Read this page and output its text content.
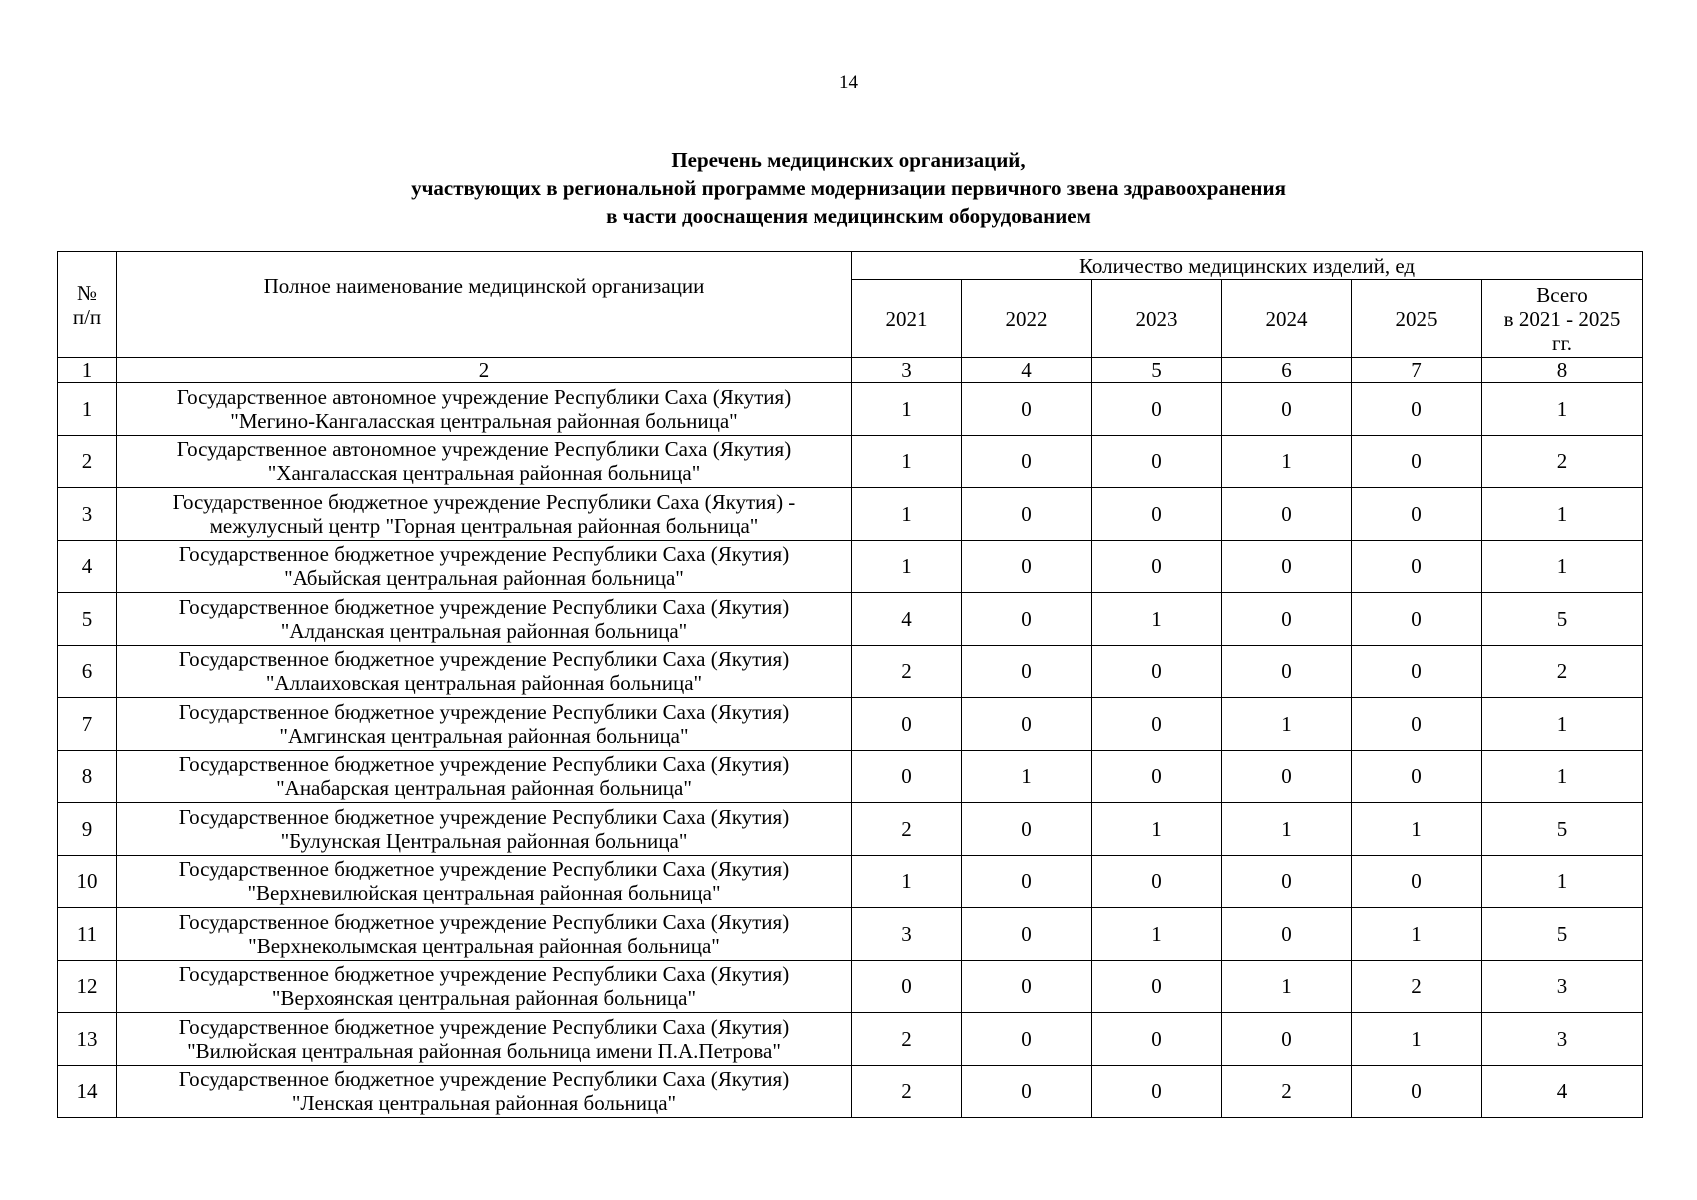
14
Перечень медицинских организаций,
участвующих в региональной программе модернизации первичного звена здравоохранения
в части дооснащения медицинским оборудованием
№
п/п	Полное наименование медицинской организации	Количество медицинских изделий, ед					
		2021	2022	2023	2024	2025	Всего
в 2021 - 2025
гг.

1	2	3	4	5	6	7	8
1	Государственное автономное учреждение Республики Саха (Якутия)
"Мегино-Кангаласская центральная районная больница"	1	0	0	0	0	1
2	Государственное автономное учреждение Республики Саха (Якутия)
"Хангаласская центральная районная больница"	1	0	0	1	0	2
3	Государственное бюджетное учреждение Республики Саха (Якутия) -
межулусный центр "Горная центральная районная больница"	1	0	0	0	0	1
4	Государственное бюджетное учреждение Республики Саха (Якутия)
"Абыйская центральная районная больница"	1	0	0	0	0	1
5	Государственное бюджетное учреждение Республики Саха (Якутия)
"Алданская центральная районная больница"	4	0	1	0	0	5
6	Государственное бюджетное учреждение Республики Саха (Якутия)
"Аллаиховская центральная районная больница"	2	0	0	0	0	2
7	Государственное бюджетное учреждение Республики Саха (Якутия)
"Амгинская центральная районная больница"	0	0	0	1	0	1
8	Государственное бюджетное учреждение Республики Саха (Якутия)
"Анабарская центральная районная больница"	0	1	0	0	0	1
9	Государственное бюджетное учреждение Республики Саха (Якутия)
"Булунская Центральная районная больница"	2	0	1	1	1	5
10	Государственное бюджетное учреждение Республики Саха (Якутия)
"Верхневилюйская центральная районная больница"	1	0	0	0	0	1
11	Государственное бюджетное учреждение Республики Саха (Якутия)
"Верхнеколымская центральная районная больница"	3	0	1	0	1	5
12	Государственное бюджетное учреждение Республики Саха (Якутия)
"Верхоянская центральная районная больница"	0	0	0	1	2	3
13	Государственное бюджетное учреждение Республики Саха (Якутия)
"Вилюйская центральная районная больница имени П.А.Петрова"	2	0	0	0	1	3
14	Государственное бюджетное учреждение Республики Саха (Якутия)
"Ленская центральная районная больница"	2	0	0	2	0	4
